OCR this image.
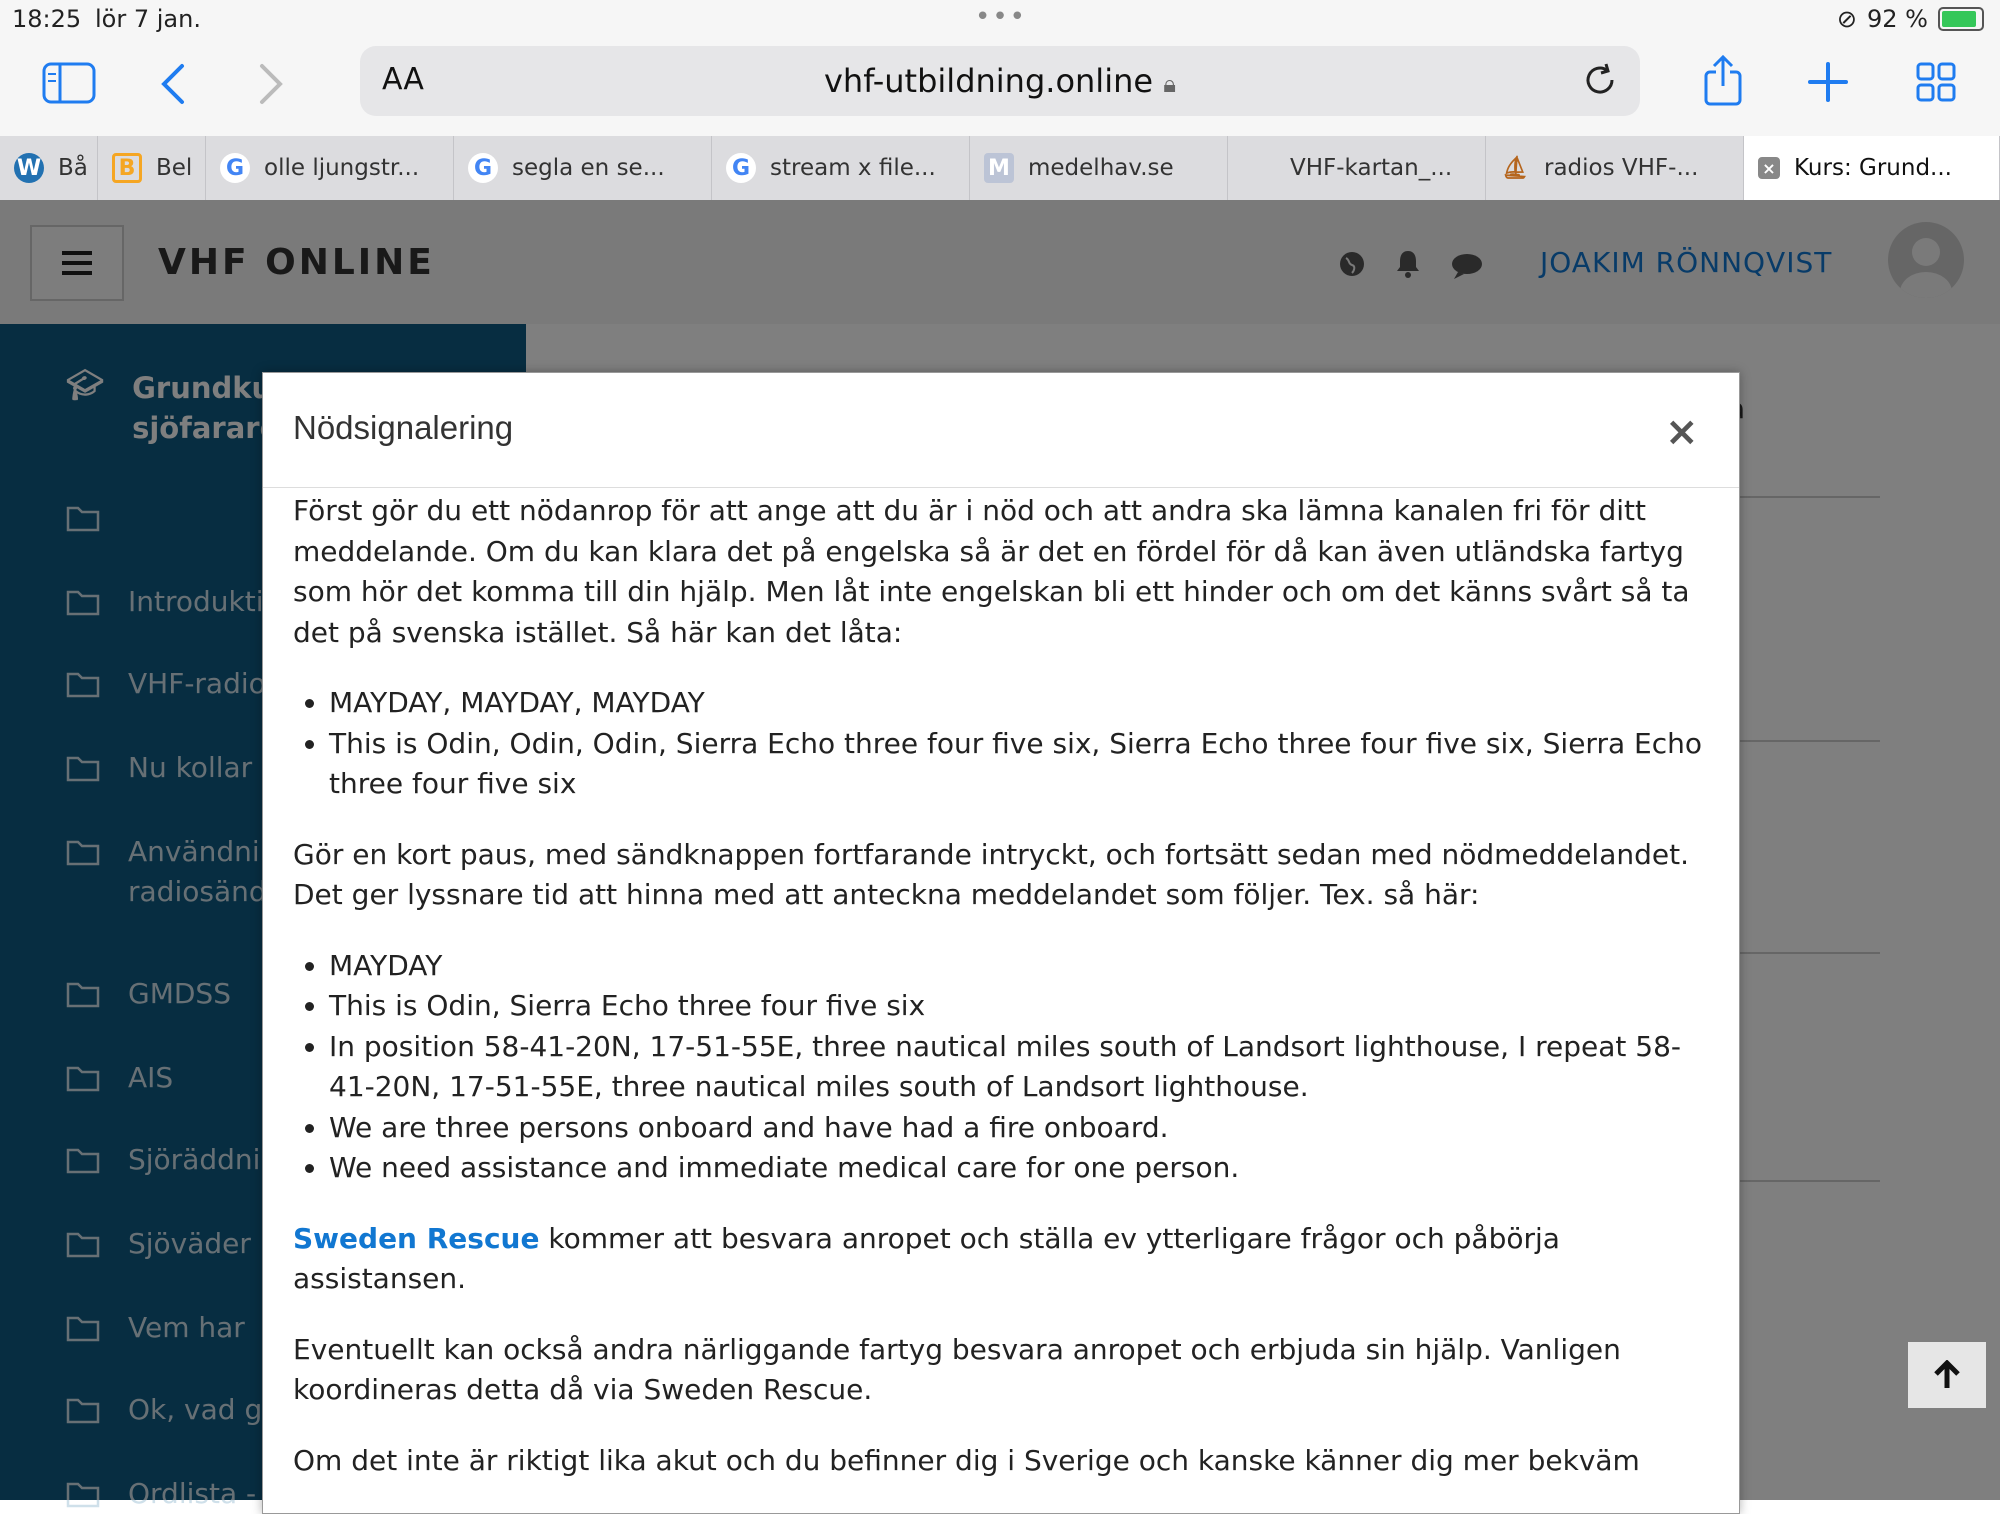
18:25 lör 7 jan.	•••	⊘ 92 %
AA	vhf-utbildning.online 🔒︎
W Bå	B Bel G olle ljungstr... G segla en se...	G stream x file... M medelhav.se	VHF-kartan_... ⛵︎ radios VHF-...	× Kurs: Grund...

Nödsignalering	×

Först gör du ett nödanrop för att ange att du är i nöd och att andra ska lämna kanalen fri för ditt meddelande. Om du kan klara det på engelska så är det en fördel för då kan även utländska fartyg som hör det komma till din hjälp. Men låt inte engelskan bli ett hinder och om det känns svårt så ta det på svenska istället. Så här kan det låta:

• MAYDAY, MAYDAY, MAYDAY
• This is Odin, Odin, Odin, Sierra Echo three four five six, Sierra Echo three four five six, Sierra Echo three four five six

Gör en kort paus, med sändknappen fortfarande intryckt, och fortsätt sedan med nödmeddelandet. Det ger lyssnare tid att hinna med att anteckna meddelandet som följer. Tex. så här:

• MAYDAY
• This is Odin, Sierra Echo three four five six
• In position 58-41-20N, 17-51-55E, three nautical miles south of Landsort lighthouse, I repeat 58-41-20N, 17-51-55E, three nautical miles south of Landsort lighthouse.
• We are three persons onboard and have had a fire onboard.
• We need assistance and immediate medical care for one person.

Sweden Rescue kommer att besvara anropet och ställa ev ytterligare frågor och påbörja assistansen.

Eventuellt kan också andra närliggande fartyg besvara anropet och erbjuda sin hjälp. Vanligen koordineras detta då via Sweden Rescue.

Om det inte är riktigt lika akut och du befinner dig i Sverige och kanske känner dig mer bekväm
